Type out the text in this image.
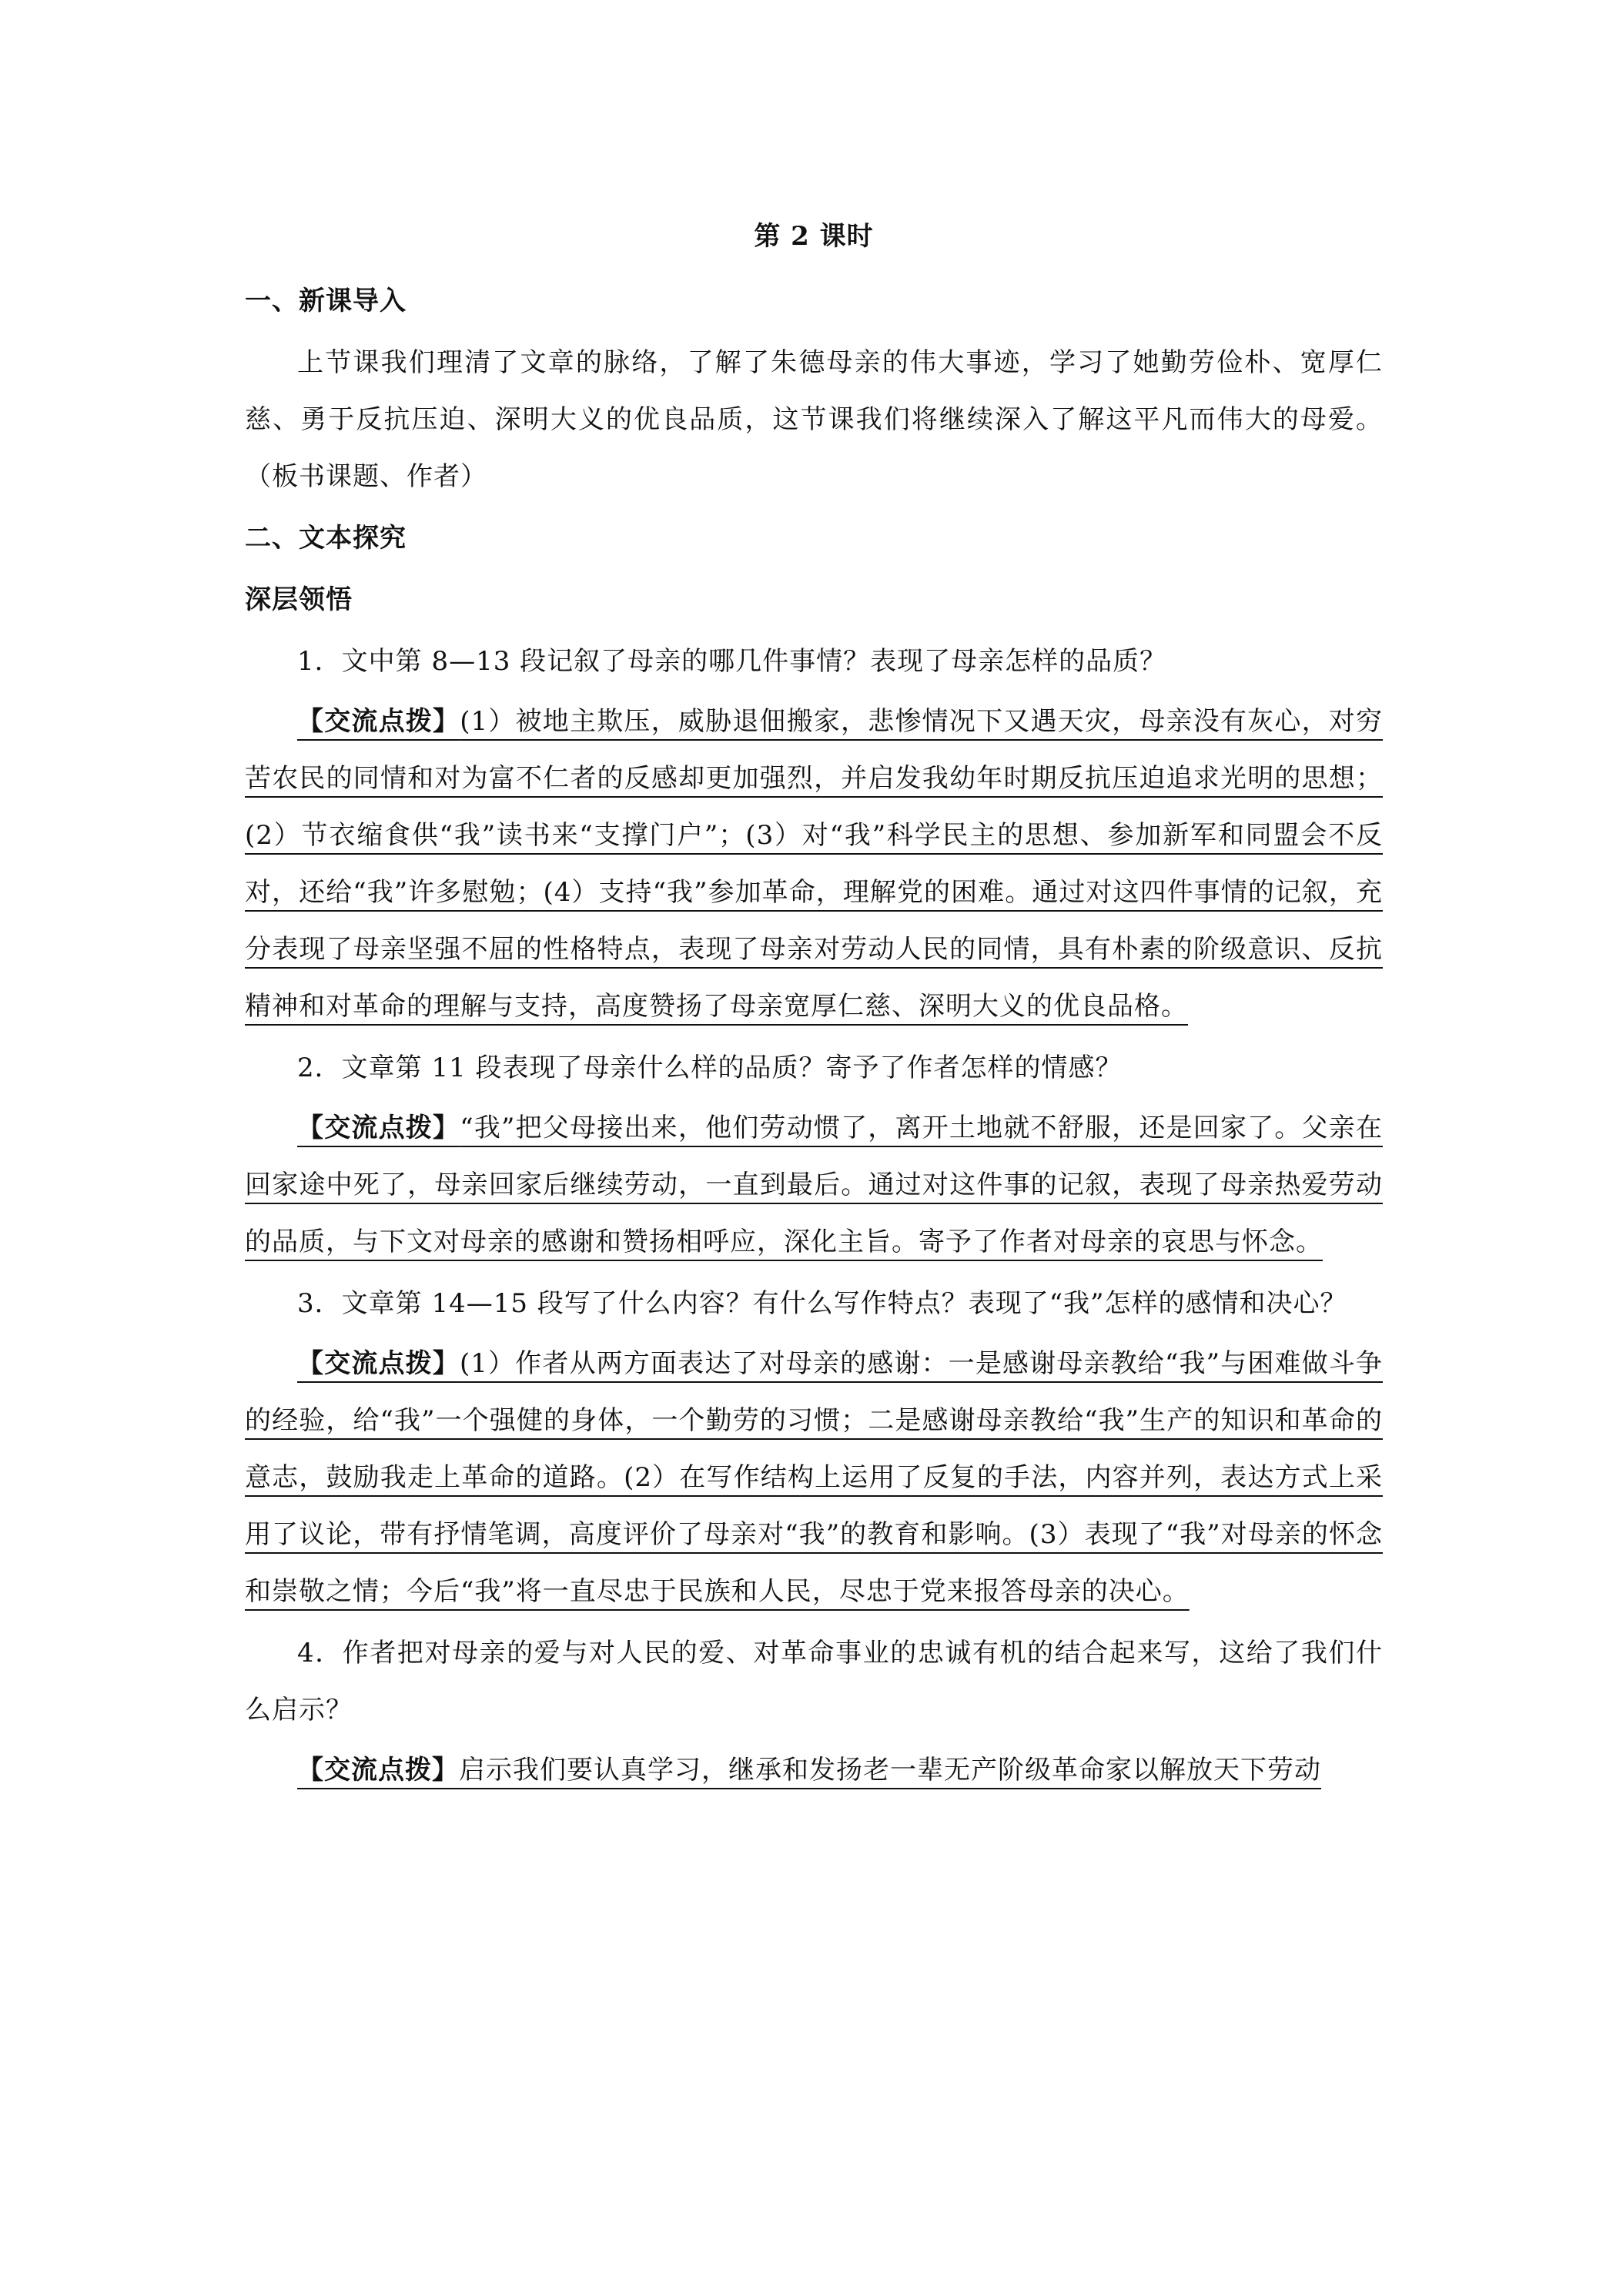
第 2 课时
一、新课导入
上节课我们理清了文章的脉络，了解了朱德母亲的伟大事迹，学习了她勤劳俭朴、宽厚仁慈、勇于反抗压迫、深明大义的优良品质，这节课我们将继续深入了解这平凡而伟大的母爱。（板书课题、作者）
二、文本探究
深层领悟
1．文中第 8—13 段记叙了母亲的哪几件事情？表现了母亲怎样的品质？
【交流点拨】(1）被地主欺压，威胁退佃搬家，悲惨情况下又遇天灾，母亲没有灰心，对穷苦农民的同情和对为富不仁者的反感却更加强烈，并启发我幼年时期反抗压迫追求光明的思想；(2）节衣缩食供“我”读书来“支撑门户”；(3）对“我”科学民主的思想、参加新军和同盟会不反对，还给“我”许多慰勉；(4）支持“我”参加革命，理解党的困难。通过对这四件事情的记叙，充分表现了母亲坚强不屈的性格特点，表现了母亲对劳动人民的同情，具有朴素的阶级意识、反抗精神和对革命的理解与支持，高度赞扬了母亲宽厚仁慈、深明大义的优良品格。
2．文章第 11 段表现了母亲什么样的品质？寄予了作者怎样的情感？
【交流点拨】“我”把父母接出来，他们劳动惯了，离开土地就不舒服，还是回家了。父亲在回家途中死了，母亲回家后继续劳动，一直到最后。通过对这件事的记叙，表现了母亲热爱劳动的品质，与下文对母亲的感谢和赞扬相呼应，深化主旨。寄予了作者对母亲的哀思与怀念。
3．文章第 14—15 段写了什么内容？有什么写作特点？表现了“我”怎样的感情和决心？
【交流点拨】(1）作者从两方面表达了对母亲的感谢：一是感谢母亲教给“我”与困难做斗争的经验，给“我”一个强健的身体，一个勤劳的习惯；二是感谢母亲教给“我”生产的知识和革命的意志，鼓励我走上革命的道路。(2）在写作结构上运用了反复的手法，内容并列，表达方式上采用了议论，带有抒情笔调，高度评价了母亲对“我”的教育和影响。(3）表现了“我”对母亲的怀念和崇敬之情；今后“我”将一直尽忠于民族和人民，尽忠于党来报答母亲的决心。
4．作者把对母亲的爱与对人民的爱、对革命事业的忠诚有机的结合起来写，这给了我们什么启示？
【交流点拨】启示我们要认真学习，继承和发扬老一辈无产阶级革命家以解放天下劳动
